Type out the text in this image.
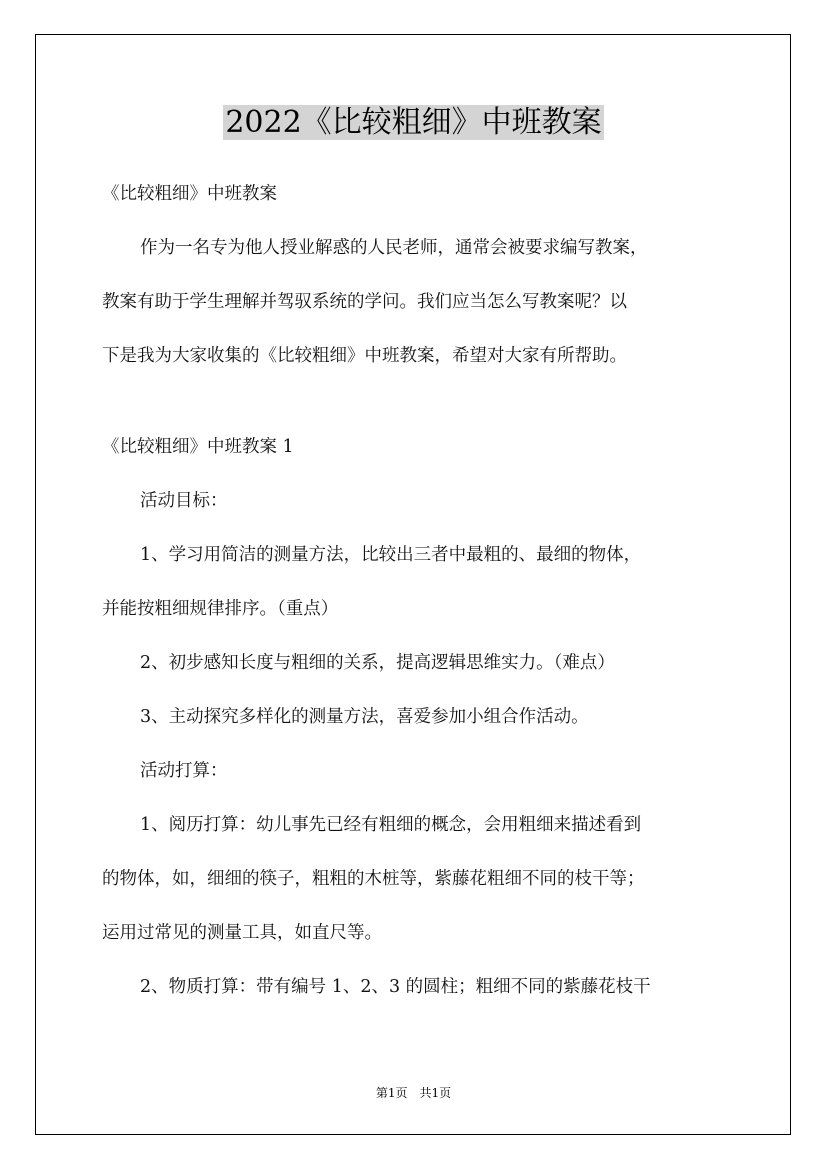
2022《比较粗细》中班教案
《比较粗细》中班教案
作为一名专为他人授业解惑的人民老师，通常会被要求编写教案，
教案有助于学生理解并驾驭系统的学问。我们应当怎么写教案呢？以
下是我为大家收集的《比较粗细》中班教案，希望对大家有所帮助。
《比较粗细》中班教案 1
活动目标：
1、学习用简洁的测量方法，比较出三者中最粗的、最细的物体，
并能按粗细规律排序。（重点）
2、初步感知长度与粗细的关系，提高逻辑思维实力。（难点）
3、主动探究多样化的测量方法，喜爱参加小组合作活动。
活动打算：
1、阅历打算：幼儿事先已经有粗细的概念，会用粗细来描述看到
的物体，如，细细的筷子，粗粗的木桩等，紫藤花粗细不同的枝干等；
运用过常见的测量工具，如直尺等。
2、物质打算：带有编号 1、2、3 的圆柱；粗细不同的紫藤花枝干
第1页　共1页
